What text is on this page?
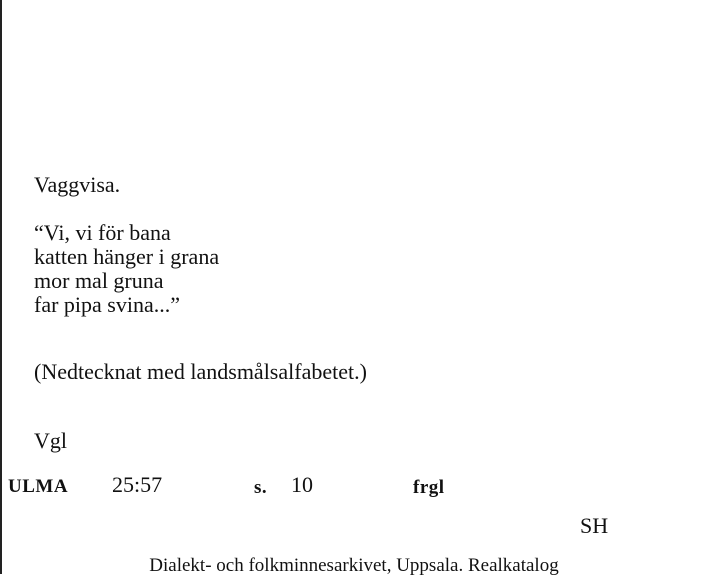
Vaggvisa.
“Vi, vi för bana
katten hänger i grana
mor mal gruna
far pipa svina...”
(Nedtecknat med landsmålsalfabetet.)
Vgl
ULMA 25:57	s. 10	frgl
SH
Dialekt- och folkminnesarkivet, Uppsala. Realkatalog
